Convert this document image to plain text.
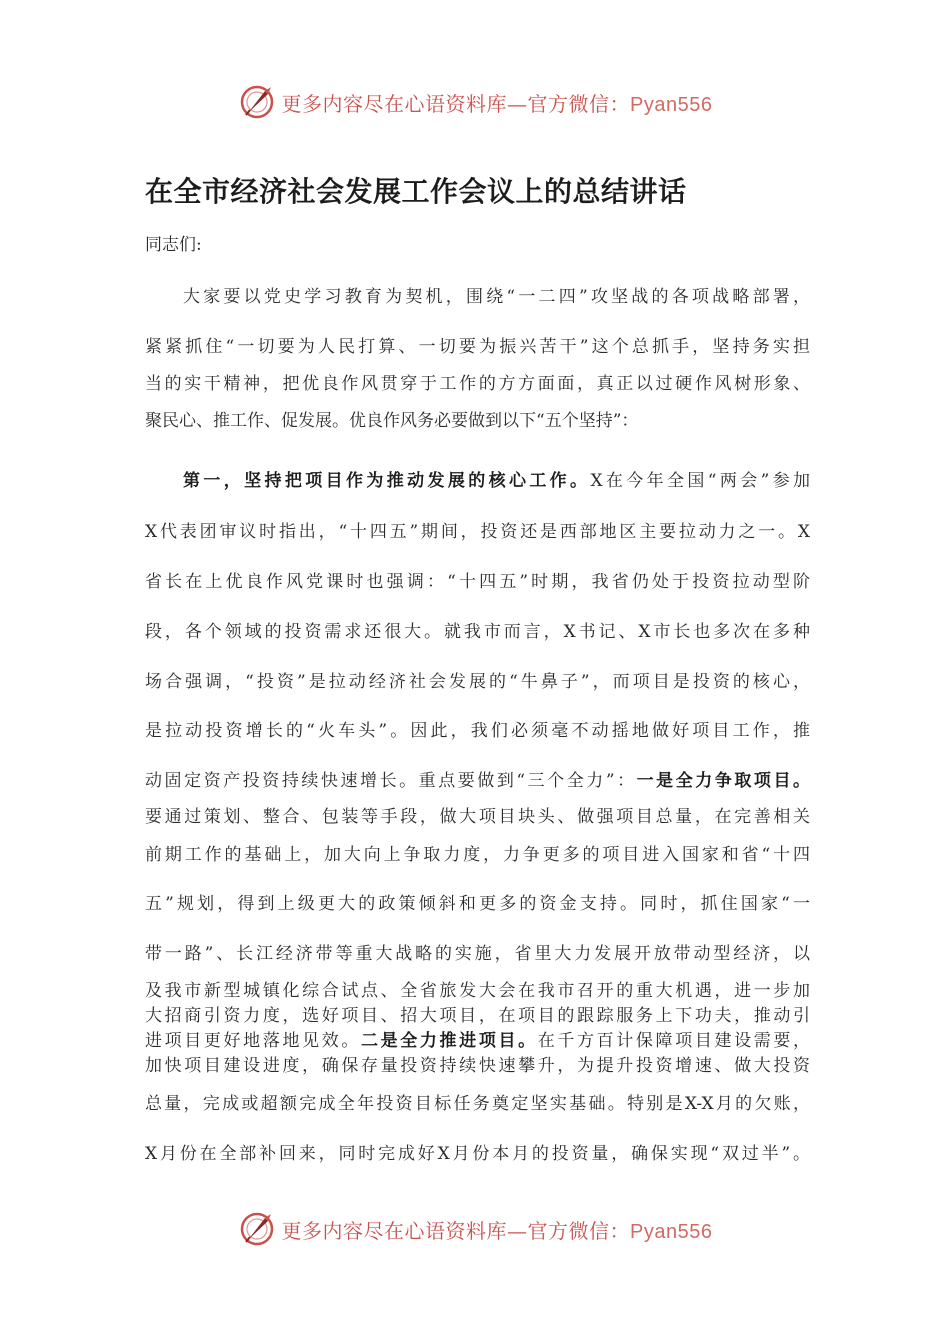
更多内容尽在心语资料库—官方微信：Pyan556
在全市经济社会发展工作会议上的总结讲话
同志们:
大家要以党史学习教育为契机，围绕“一二四”攻坚战的各项战略部署，
紧紧抓住“一切要为人民打算、一切要为振兴苦干”这个总抓手，坚持务实担
当的实干精神，把优良作风贯穿于工作的方方面面，真正以过硬作风树形象、
聚民心、推工作、促发展。优良作风务必要做到以下“五个坚持”：
第一，坚持把项目作为推动发展的核心工作。X在今年全国“两会”参加
X代表团审议时指出，“十四五”期间，投资还是西部地区主要拉动力之一。X
省长在上优良作风党课时也强调：“十四五”时期，我省仍处于投资拉动型阶
段，各个领域的投资需求还很大。就我市而言，X书记、X市长也多次在多种
场合强调，“投资”是拉动经济社会发展的“牛鼻子”，而项目是投资的核心，
是拉动投资增长的“火车头”。因此，我们必须毫不动摇地做好项目工作，推
动固定资产投资持续快速增长。重点要做到“三个全力”：一是全力争取项目。
要通过策划、整合、包装等手段，做大项目块头、做强项目总量，在完善相关
前期工作的基础上，加大向上争取力度，力争更多的项目进入国家和省“十四
五”规划，得到上级更大的政策倾斜和更多的资金支持。同时，抓住国家“一
带一路”、长江经济带等重大战略的实施，省里大力发展开放带动型经济，以
及我市新型城镇化综合试点、全省旅发大会在我市召开的重大机遇，进一步加
大招商引资力度，选好项目、招大项目，在项目的跟踪服务上下功夫，推动引
进项目更好地落地见效。二是全力推进项目。在千方百计保障项目建设需要，
加快项目建设进度，确保存量投资持续快速攀升，为提升投资增速、做大投资
总量，完成或超额完成全年投资目标任务奠定坚实基础。特别是X-X月的欠账，
X月份在全部补回来，同时完成好X月份本月的投资量，确保实现“双过半”。
更多内容尽在心语资料库—官方微信：Pyan556
